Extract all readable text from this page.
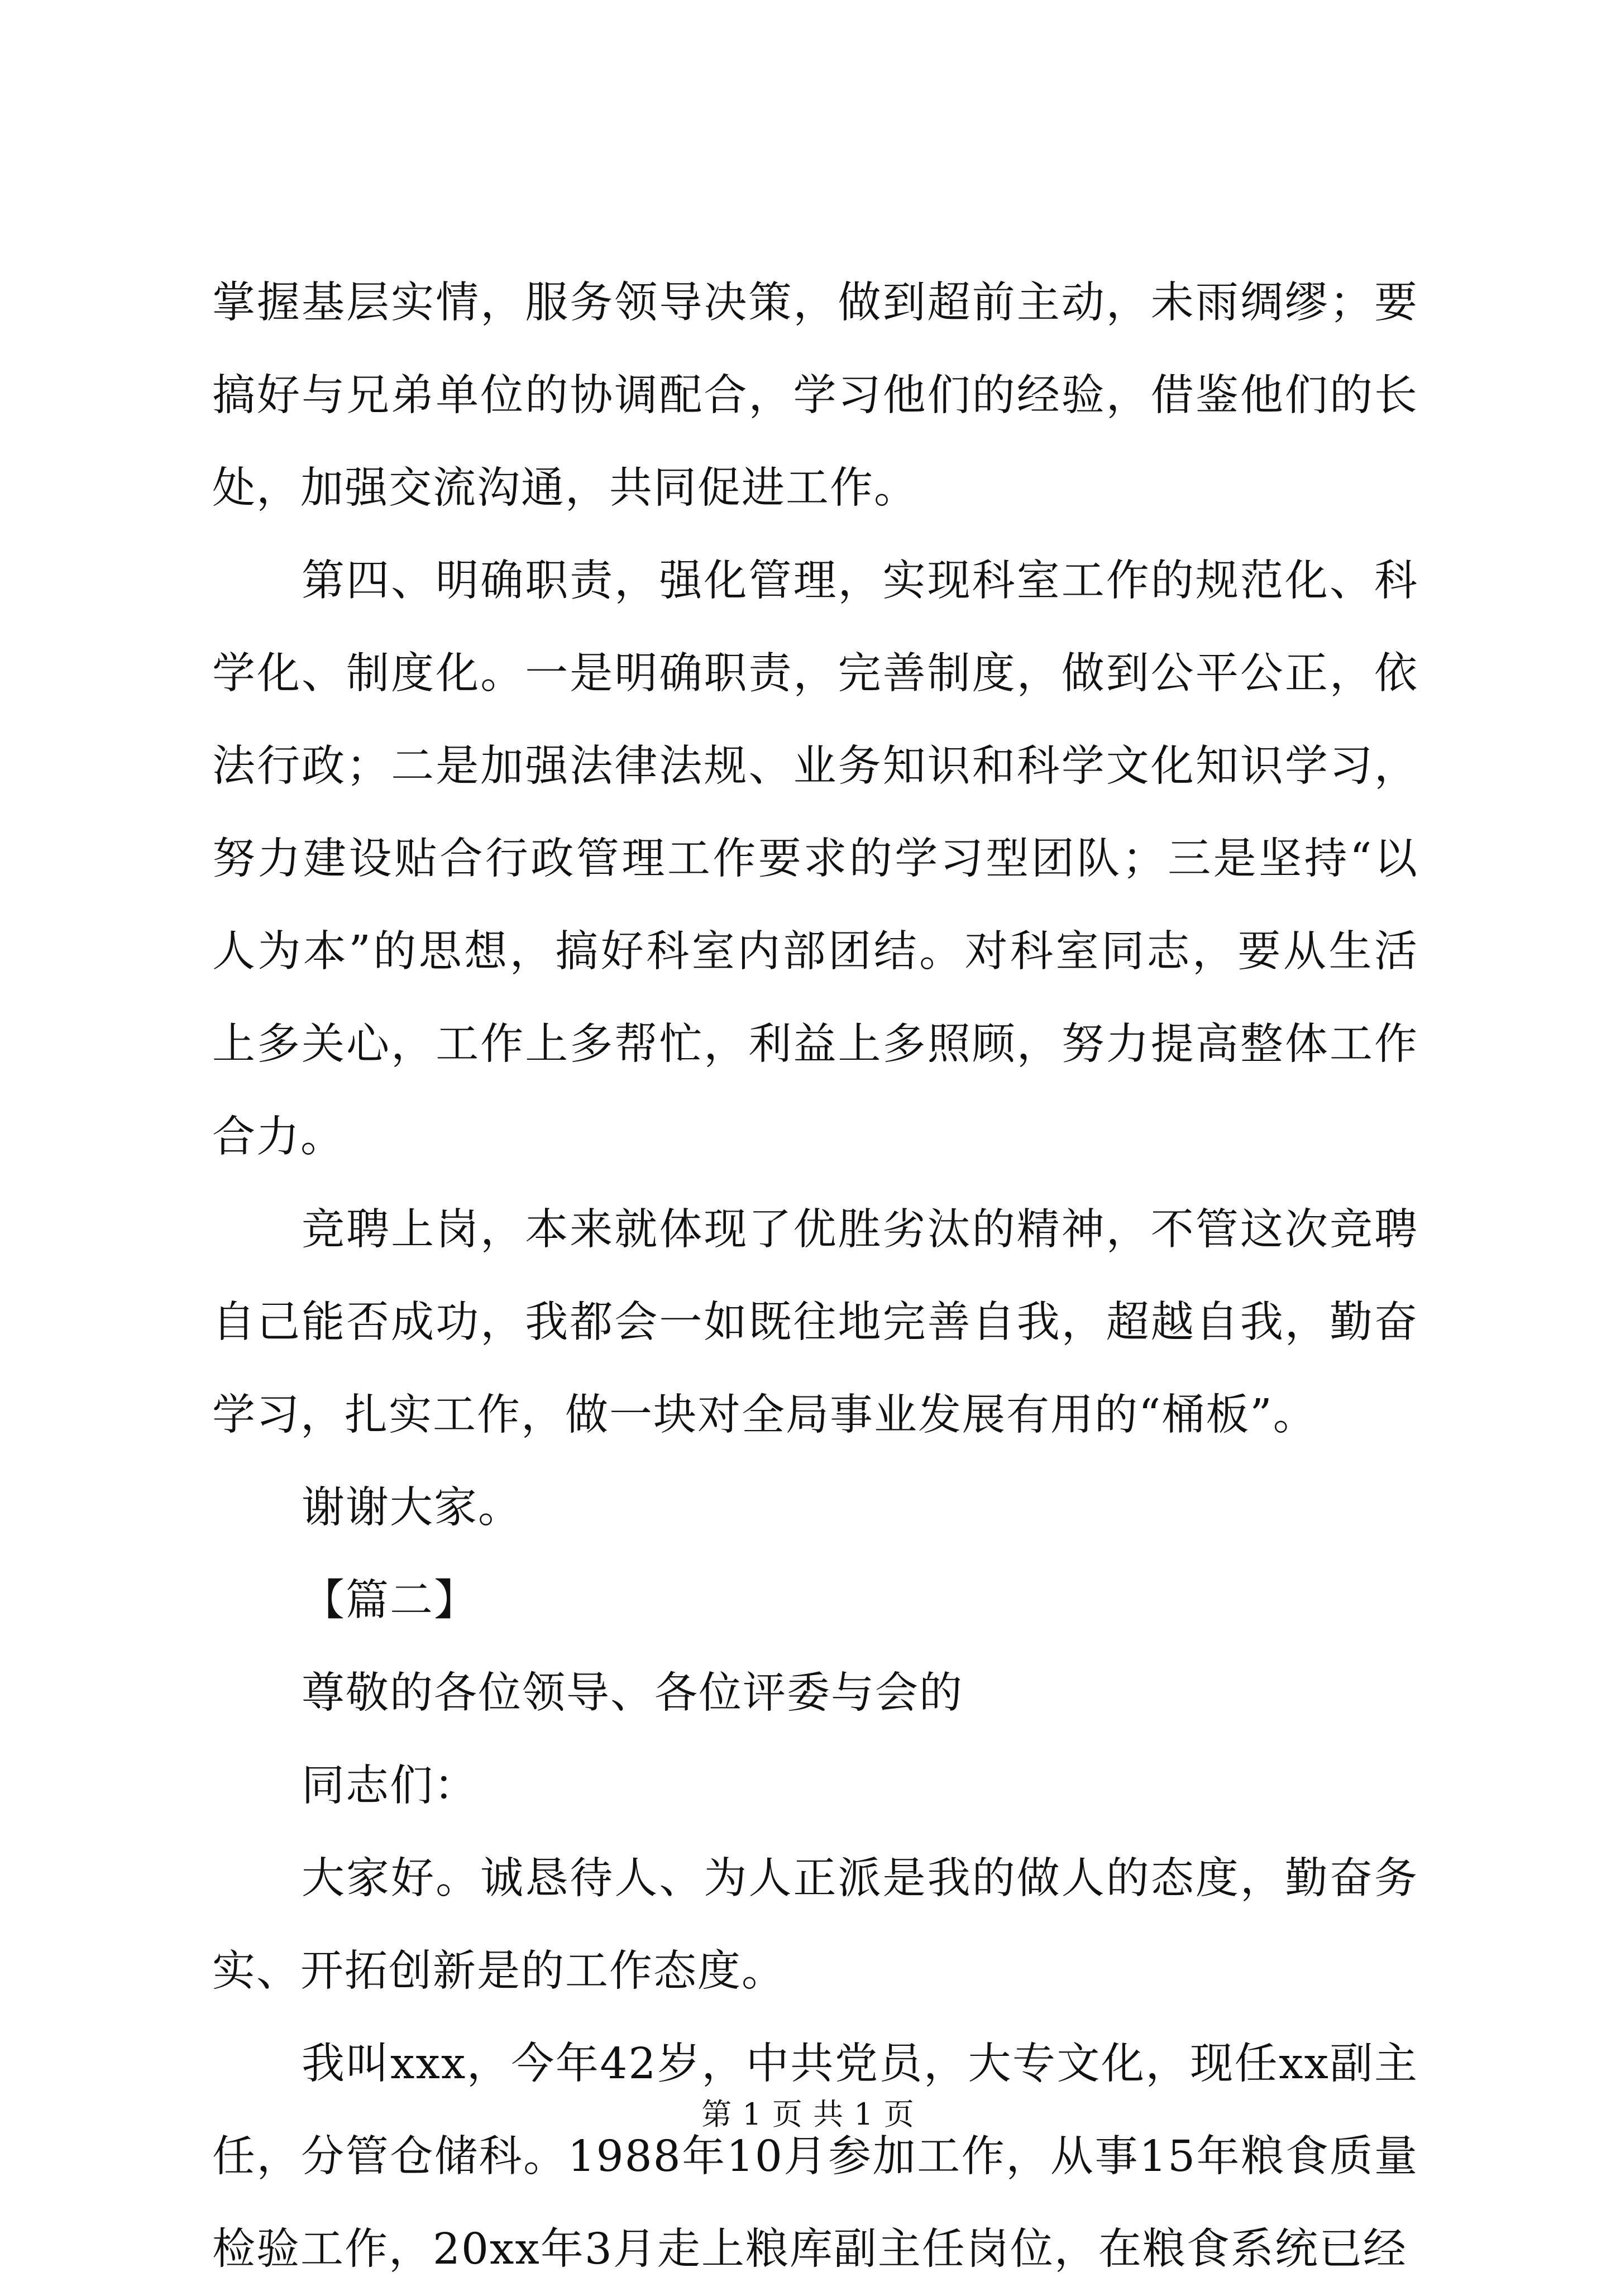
掌握基层实情，服务领导决策，做到超前主动，未雨绸缪；要搞好与兄弟单位的协调配合，学习他们的经验，借鉴他们的长处，加强交流沟通，共同促进工作。

第四、明确职责，强化管理，实现科室工作的规范化、科学化、制度化。一是明确职责，完善制度，做到公平公正，依法行政；二是加强法律法规、业务知识和科学文化知识学习，努力建设贴合行政管理工作要求的学习型团队；三是坚持“以人为本”的思想，搞好科室内部团结。对科室同志，要从生活上多关心，工作上多帮忙，利益上多照顾，努力提高整体工作合力。

竞聘上岗，本来就体现了优胜劣汰的精神，不管这次竞聘自己能否成功，我都会一如既往地完善自我，超越自我，勤奋学习，扎实工作，做一块对全局事业发展有用的“桶板”。

谢谢大家。

【篇二】

尊敬的各位领导、各位评委与会的

同志们：

大家好。诚恳待人、为人正派是我的做人的态度，勤奋务实、开拓创新是的工作态度。

我叫xxx，今年42岁，中共党员，大专文化，现任xx副主任，分管仓储科。1988年10月参加工作，从事15年粮食质量检验工作，20xx年3月走上粮库副主任岗位，在粮食系统已经

第 1 页 共 1 页
